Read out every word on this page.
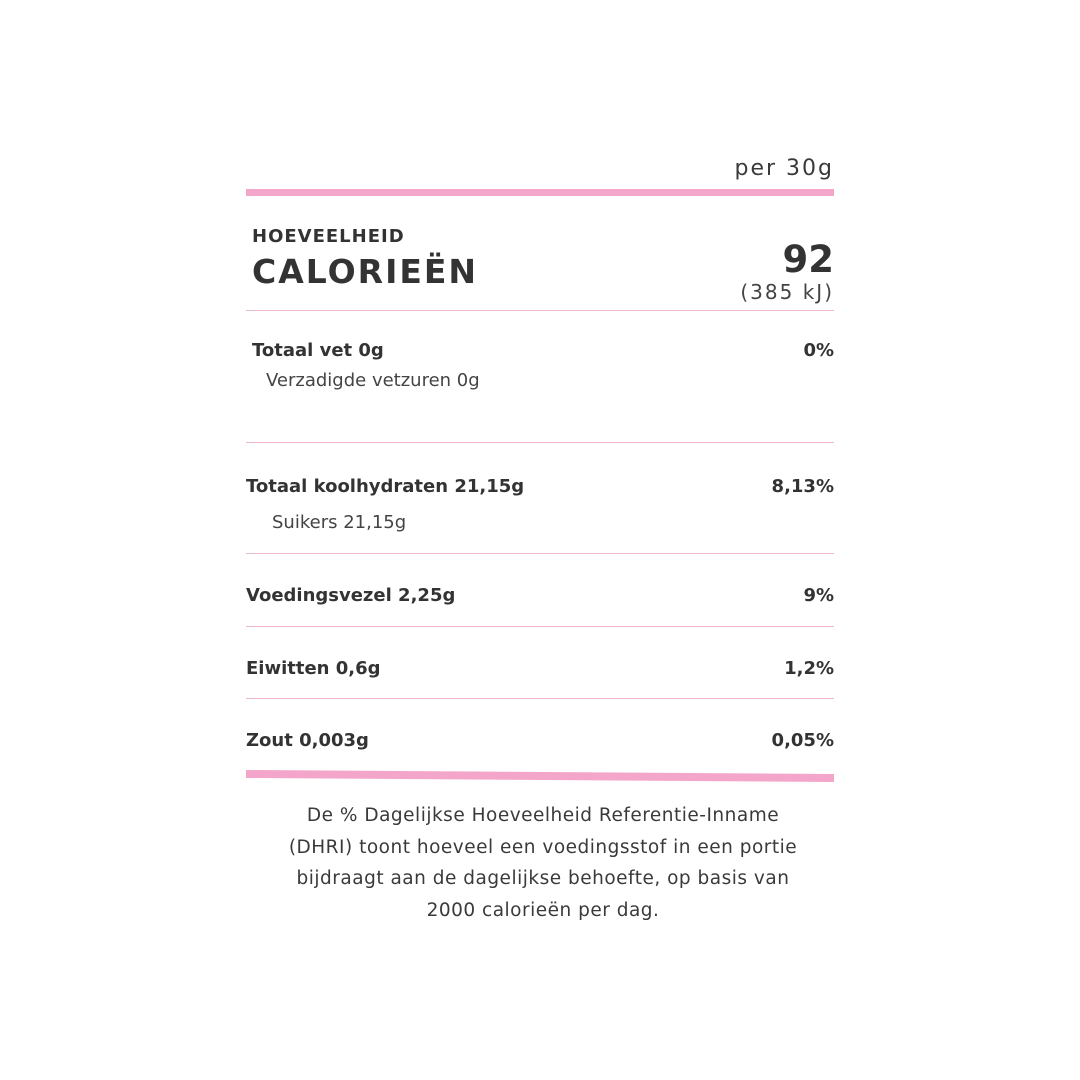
per 30g
HOEVEELHEID
CALORIEËN	92
(385 kJ)
Totaal vet 0g	0%
Verzadigde vetzuren 0g
Totaal koolhydraten 21,15g	8,13%
Suikers 21,15g
Voedingsvezel 2,25g	9%
Eiwitten 0,6g	1,2%
Zout 0,003g	0,05%
De % Dagelijkse Hoeveelheid Referentie-Inname
(DHRI) toont hoeveel een voedingsstof in een portie
bijdraagt aan de dagelijkse behoefte, op basis van
2000 calorieën per dag.
